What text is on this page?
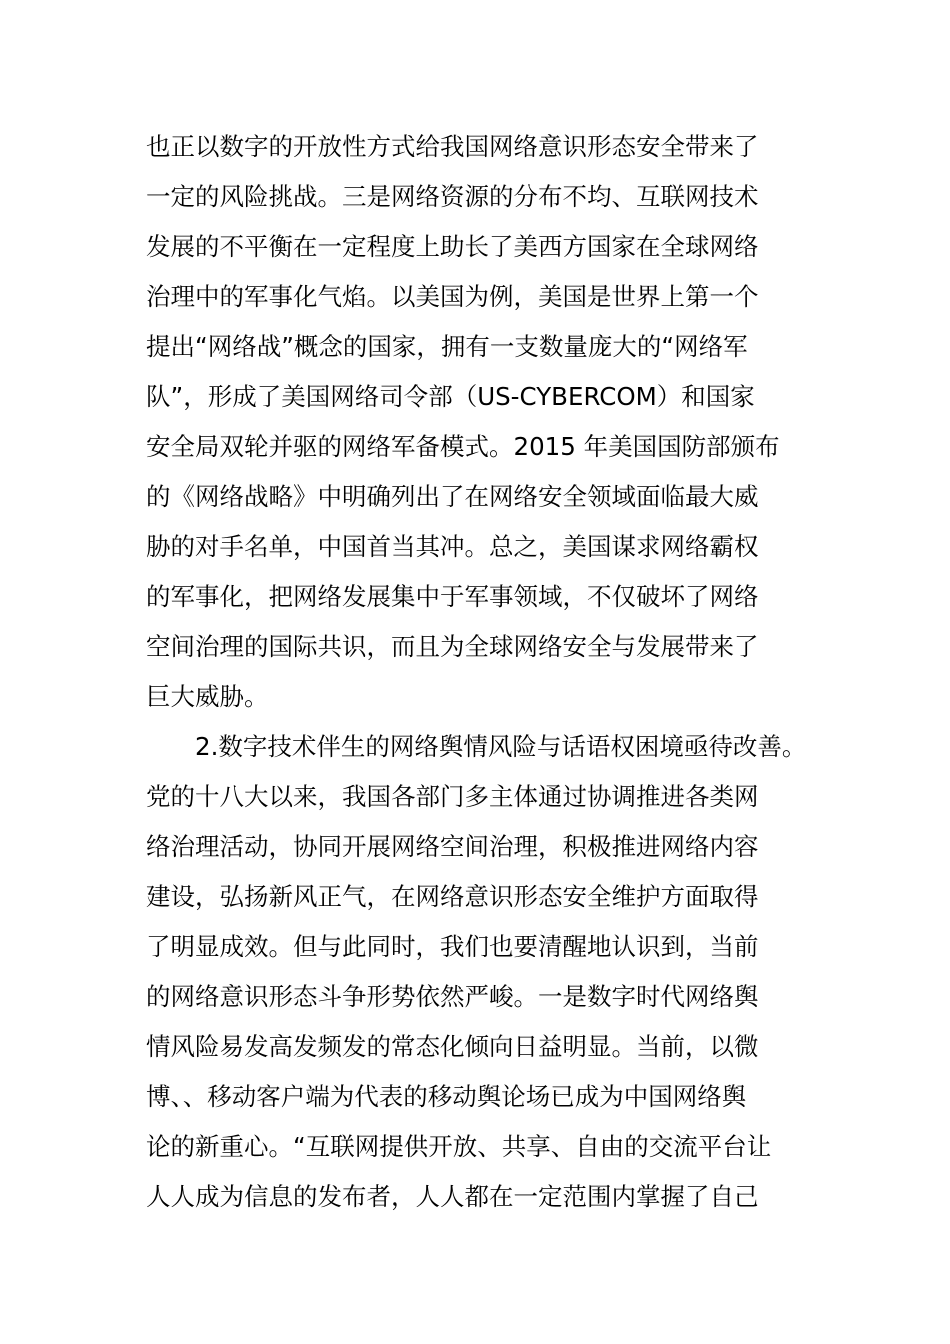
也正以数字的开放性方式给我国网络意识形态安全带来了
一定的风险挑战。三是网络资源的分布不均、互联网技术
发展的不平衡在一定程度上助长了美西方国家在全球网络
治理中的军事化气焰。以美国为例，美国是世界上第一个
提出“网络战”概念的国家，拥有一支数量庞大的“网络军
队”，形成了美国网络司令部（US-CYBERCOM）和国家
安全局双轮并驱的网络军备模式。2015 年美国国防部颁布
的《网络战略》中明确列出了在网络安全领域面临最大威
胁的对手名单，中国首当其冲。总之，美国谋求网络霸权
的军事化，把网络发展集中于军事领域，不仅破坏了网络
空间治理的国际共识，而且为全球网络安全与发展带来了
巨大威胁。
　　2.数字技术伴生的网络舆情风险与话语权困境亟待改善。
党的十八大以来，我国各部门多主体通过协调推进各类网
络治理活动，协同开展网络空间治理，积极推进网络内容
建设，弘扬新风正气，在网络意识形态安全维护方面取得
了明显成效。但与此同时，我们也要清醒地认识到，当前
的网络意识形态斗争形势依然严峻。一是数字时代网络舆
情风险易发高发频发的常态化倾向日益明显。当前，以微
博、、移动客户端为代表的移动舆论场已成为中国网络舆
论的新重心。“互联网提供开放、共享、自由的交流平台让
人人成为信息的发布者，人人都在一定范围内掌握了自己
